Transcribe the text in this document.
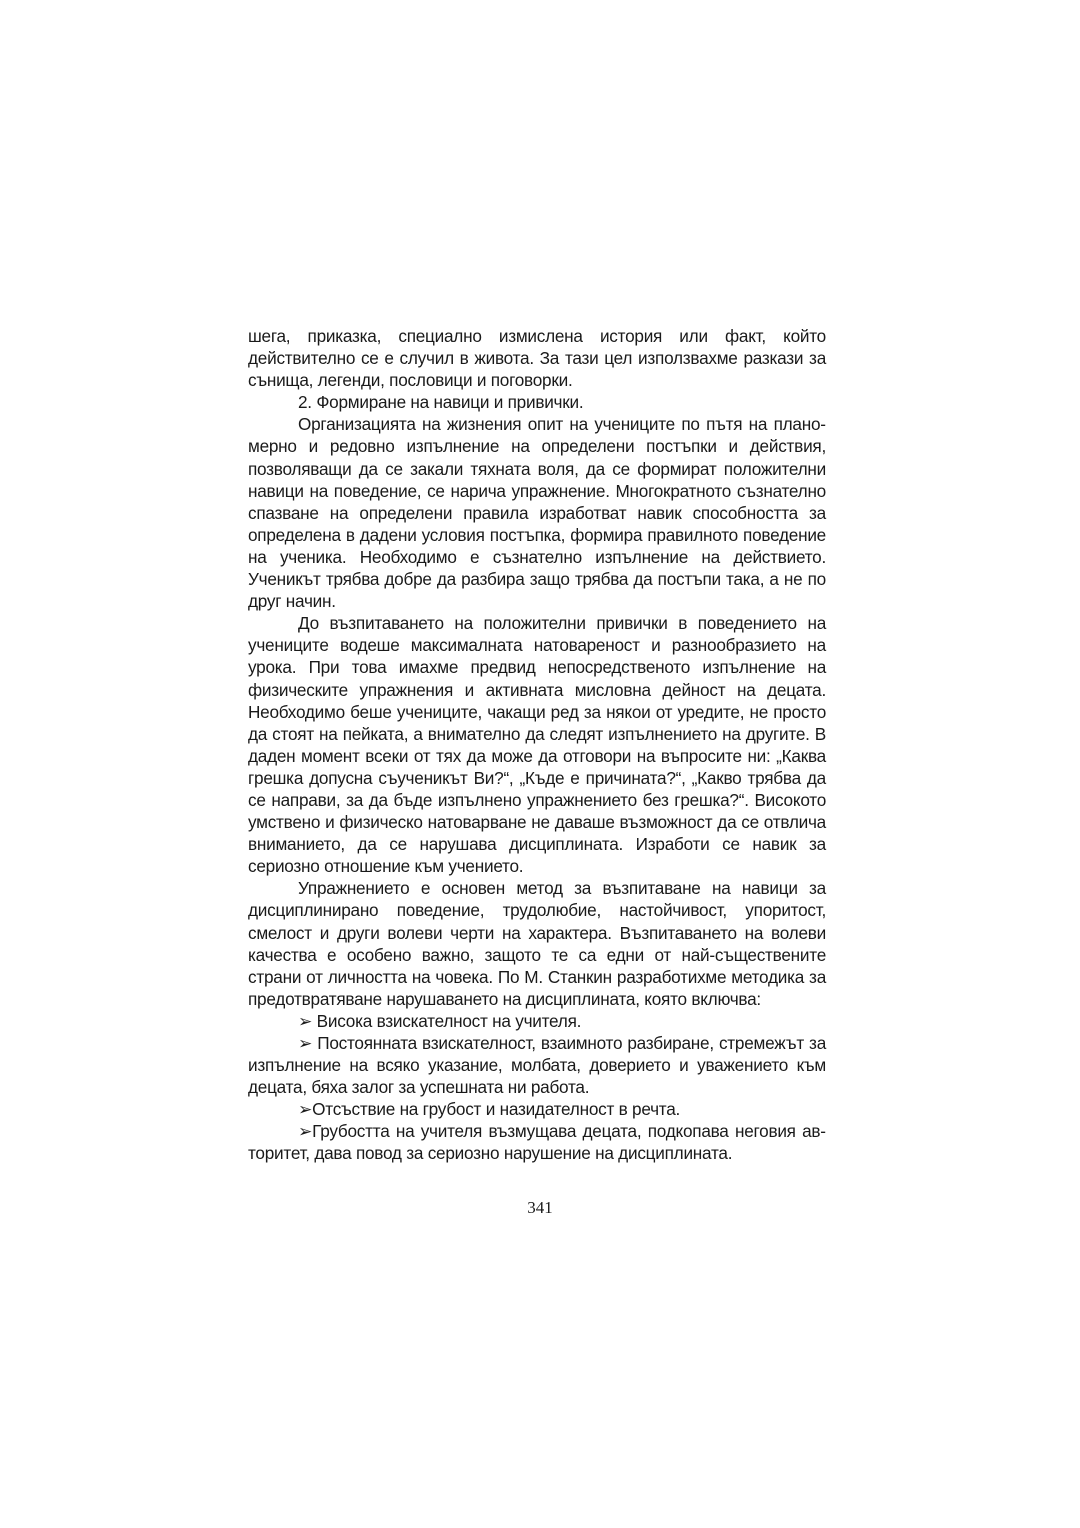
шега, приказка, специално измислена история или факт, който действително се е случил в живота. За тази цел използвахме разкази за сънища, легенди, пословици и поговорки.

2. Формиране на навици и привички.

Организацията на жизнения опит на учениците по пътя на планомерно и редовно изпълнение на определени постъпки и действия, позволяващи да се закали тяхната воля, да се формират положителни навици на поведение, се нарича упражнение. Многократното съзнателно спазване на определени правила изработват навик способността за определена в дадени условия постъпка, формира правилното поведение на ученика. Необходимо е съзнателно изпълнение на действието. Ученикът трябва добре да разбира защо трябва да постъпи така, а не по друг начин.

До възпитаването на положителни привички в поведението на учениците водеше максималната натовареност и разнообразието на урока. При това имахме предвид непосредственото изпълнение на физическите упражнения и активната мисловна дейност на децата. Необходимо беше учениците, чакащи ред за някои от уредите, не просто да стоят на пейката, а внимателно да следят изпълнението на другите. В даден момент всеки от тях да може да отговори на въпросите ни: „Каква грешка допусна съученикът Ви?“, „Къде е причината?“, „Какво трябва да се направи, за да бъде изпълнено упражнението без грешка?“. Високото умствено и физическо натоварване не даваше възможност да се отвлича вниманието, да се нарушава дисциплината. Изработи се навик за сериозно отношение към учението.

Упражнението е основен метод за възпитаване на навици за дисциплинирано поведение, трудолюбие, настойчивост, упоритост, смелост и други волеви черти на характера. Възпитаването на волеви качества е особено важно, защото те са едни от най-съществените страни от личността на човека. По М. Станкин разработихме методика за предотвратяване нарушаването на дисциплината, която включва:

➢ Висока взискателност на учителя.

➢ Постоянната взискателност, взаимното разбиране, стремежът за изпълнение на всяко указание, молбата, доверието и уважението към децата, бяха залог за успешната ни работа.

➢Отсъствие на грубост и назидателност в речта.

➢Грубостта на учителя възмущава децата, подкопава неговия авторитет, дава повод за сериозно нарушение на дисциплината.

341
